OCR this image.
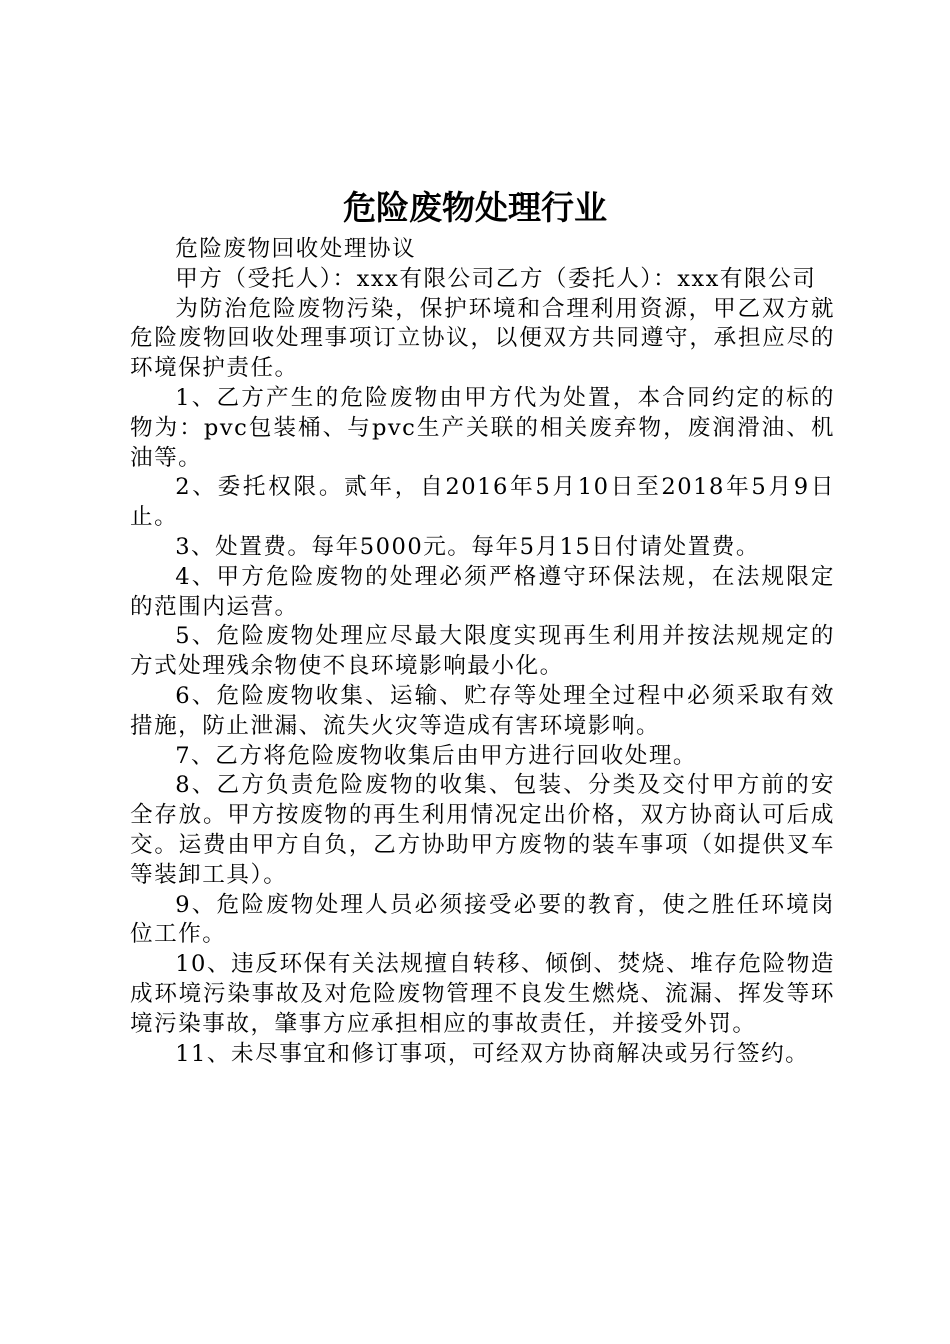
危险废物处理行业

危险废物回收处理协议

甲方（受托人）：xxx有限公司乙方（委托人）：xxx有限公司

为防治危险废物污染，保护环境和合理利用资源，甲乙双方就危险废物回收处理事项订立协议，以便双方共同遵守，承担应尽的环境保护责任。

1、乙方产生的危险废物由甲方代为处置，本合同约定的标的物为：pvc包装桶、与pvc生产关联的相关废弃物，废润滑油、机油等。

2、委托权限。贰年，自2016年5月10日至2018年5月9日止。

3、处置费。每年5000元。每年5月15日付请处置费。

4、甲方危险废物的处理必须严格遵守环保法规，在法规限定的范围内运营。

5、危险废物处理应尽最大限度实现再生利用并按法规规定的方式处理残余物使不良环境影响最小化。

6、危险废物收集、运输、贮存等处理全过程中必须采取有效措施，防止泄漏、流失火灾等造成有害环境影响。

7、乙方将危险废物收集后由甲方进行回收处理。

8、乙方负责危险废物的收集、包装、分类及交付甲方前的安全存放。甲方按废物的再生利用情况定出价格，双方协商认可后成交。运费由甲方自负，乙方协助甲方废物的装车事项（如提供叉车等装卸工具）。

9、危险废物处理人员必须接受必要的教育，使之胜任环境岗位工作。

10、违反环保有关法规擅自转移、倾倒、焚烧、堆存危险物造成环境污染事故及对危险废物管理不良发生燃烧、流漏、挥发等环境污染事故，肇事方应承担相应的事故责任，并接受外罚。

11、未尽事宜和修订事项，可经双方协商解决或另行签约。
